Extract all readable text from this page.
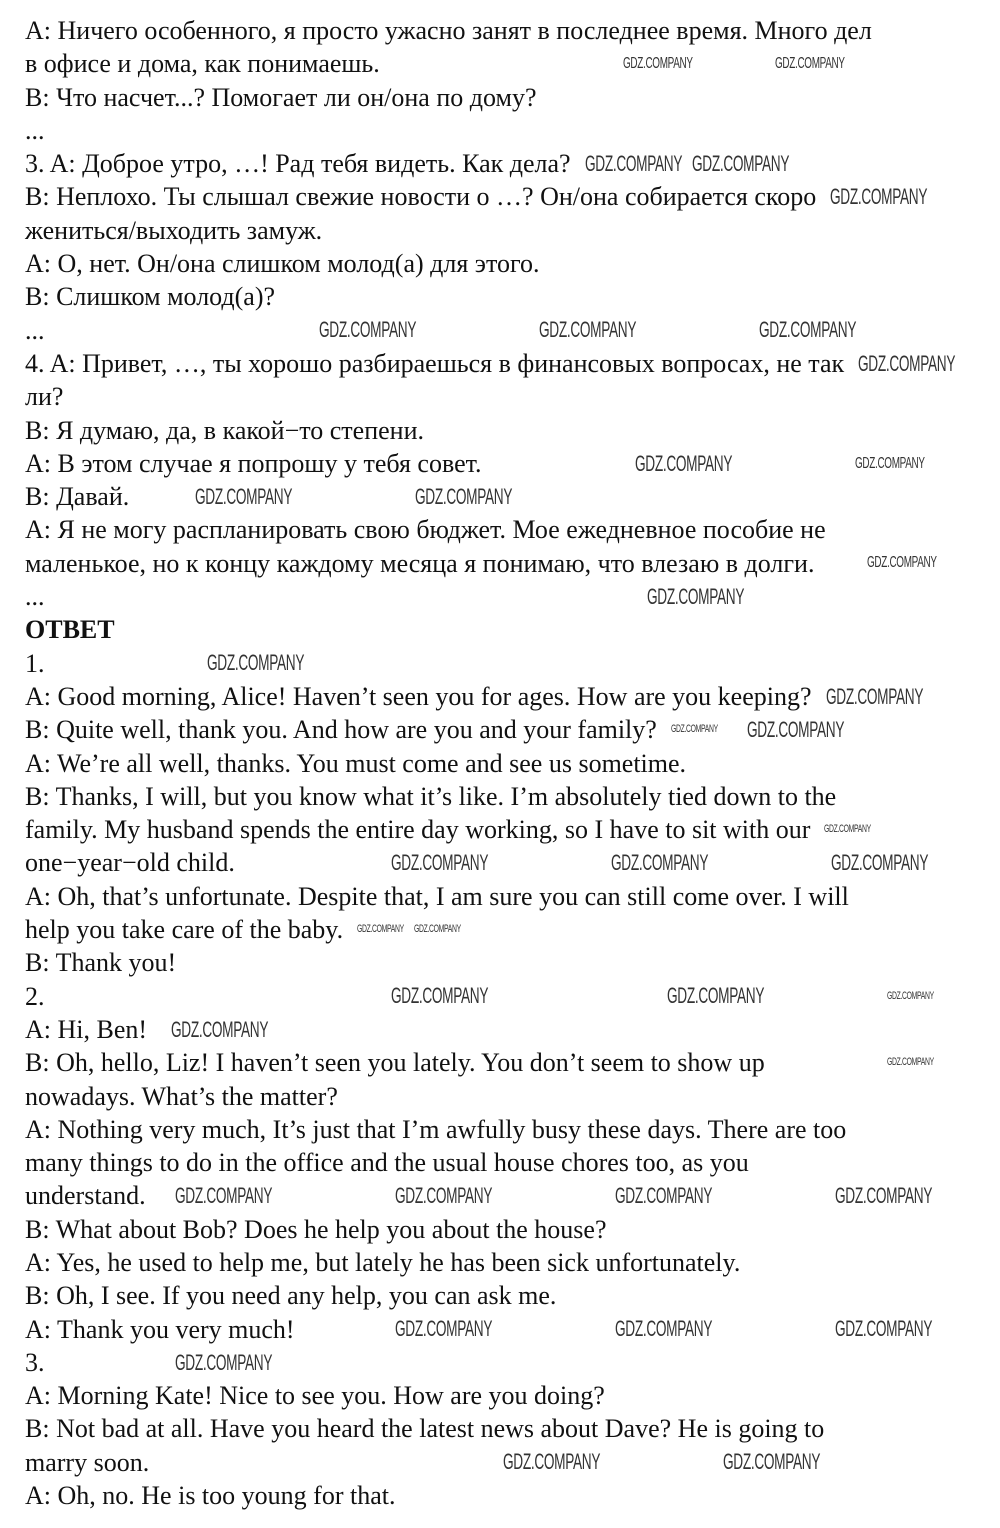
A: Ничего особенного, я просто ужасно занят в последнее время. Много дел
в офисе и дома, как понимаешь.
B: Что насчет...? Помогает ли он/она по дому?
...
3. A: Доброе утро, …! Рад тебя видеть. Как дела?
B: Неплохо. Ты слышал свежие новости о …? Он/она собирается скоро
жениться/выходить замуж.
A: О, нет. Он/она слишком молод(а) для этого.
B: Слишком молод(а)?
...
4. A: Привет, …, ты хорошо разбираешься в финансовых вопросах, не так
ли?
B: Я думаю, да, в какой−то степени.
A: В этом случае я попрошу у тебя совет.
B: Давай.
A: Я не могу распланировать свою бюджет. Мое ежедневное пособие не
маленькое, но к концу каждому месяца я понимаю, что влезаю в долги.
...
ОТВЕТ
1.
A: Good morning, Alice! Haven’t seen you for ages. How are you keeping?
B: Quite well, thank you. And how are you and your family?
A: We’re all well, thanks. You must come and see us sometime.
B: Thanks, I will, but you know what it’s like. I’m absolutely tied down to the
family. My husband spends the entire day working, so I have to sit with our
one−year−old child.
A: Oh, that’s unfortunate. Despite that, I am sure you can still come over. I will
help you take care of the baby.
B: Thank you!
2.
A: Hi, Ben!
B: Oh, hello, Liz! I haven’t seen you lately. You don’t seem to show up
nowadays. What’s the matter?
A: Nothing very much, It’s just that I’m awfully busy these days. There are too
many things to do in the office and the usual house chores too, as you
understand.
B: What about Bob? Does he help you about the house?
A: Yes, he used to help me, but lately he has been sick unfortunately.
B: Oh, I see. If you need any help, you can ask me.
A: Thank you very much!
3.
A: Morning Kate! Nice to see you. How are you doing?
B: Not bad at all. Have you heard the latest news about Dave? He is going to
marry soon.
A: Oh, no. He is too young for that.
GDZ.COMPANY	GDZ.COMPANY
GDZ.COMPANY GDZ.COMPANY
GDZ.COMPANY
GDZ.COMPANY
GDZ.COMPANY	GDZ.COMPANY	GDZ.COMPANY
GDZ.COMPANY	GDZ.COMPANY
GDZ.COMPANY	GDZ.COMPANY
GDZ.COMPANY
GDZ.COMPANY
GDZ.COMPANY
GDZ.COMPANY
GDZ.COMPANY GDZ.COMPANY
GDZ.COMPANY
GDZ.COMPANY	GDZ.COMPANY	GDZ.COMPANY
GDZ.COMPANY GDZ.COMPANY
GDZ.COMPANY	GDZ.COMPANY	GDZ.COMPANY
GDZ.COMPANY
GDZ.COMPANY
GDZ.COMPANY	GDZ.COMPANY	GDZ.COMPANY	GDZ.COMPANY
GDZ.COMPANY	GDZ.COMPANY	GDZ.COMPANY
GDZ.COMPANY
GDZ.COMPANY	GDZ.COMPANY
